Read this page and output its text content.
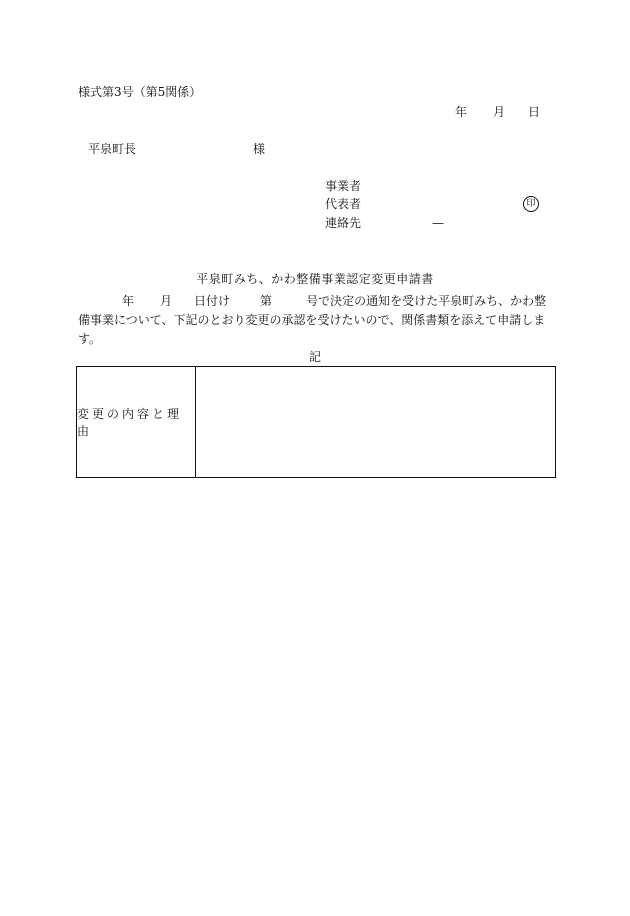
様式第3号（第5関係）
年 月 日
平泉町長	様
事業者
代表者	印
連絡先	—
平泉町みち、かわ整備事業認定変更申請書
年 月 日付け	第	号で決定の通知を受けた平泉町みち、かわ整備事業について、下記のとおり変更の承認を受けたいので、関係書類を添えて申請します。
記
変更の内容と理由
